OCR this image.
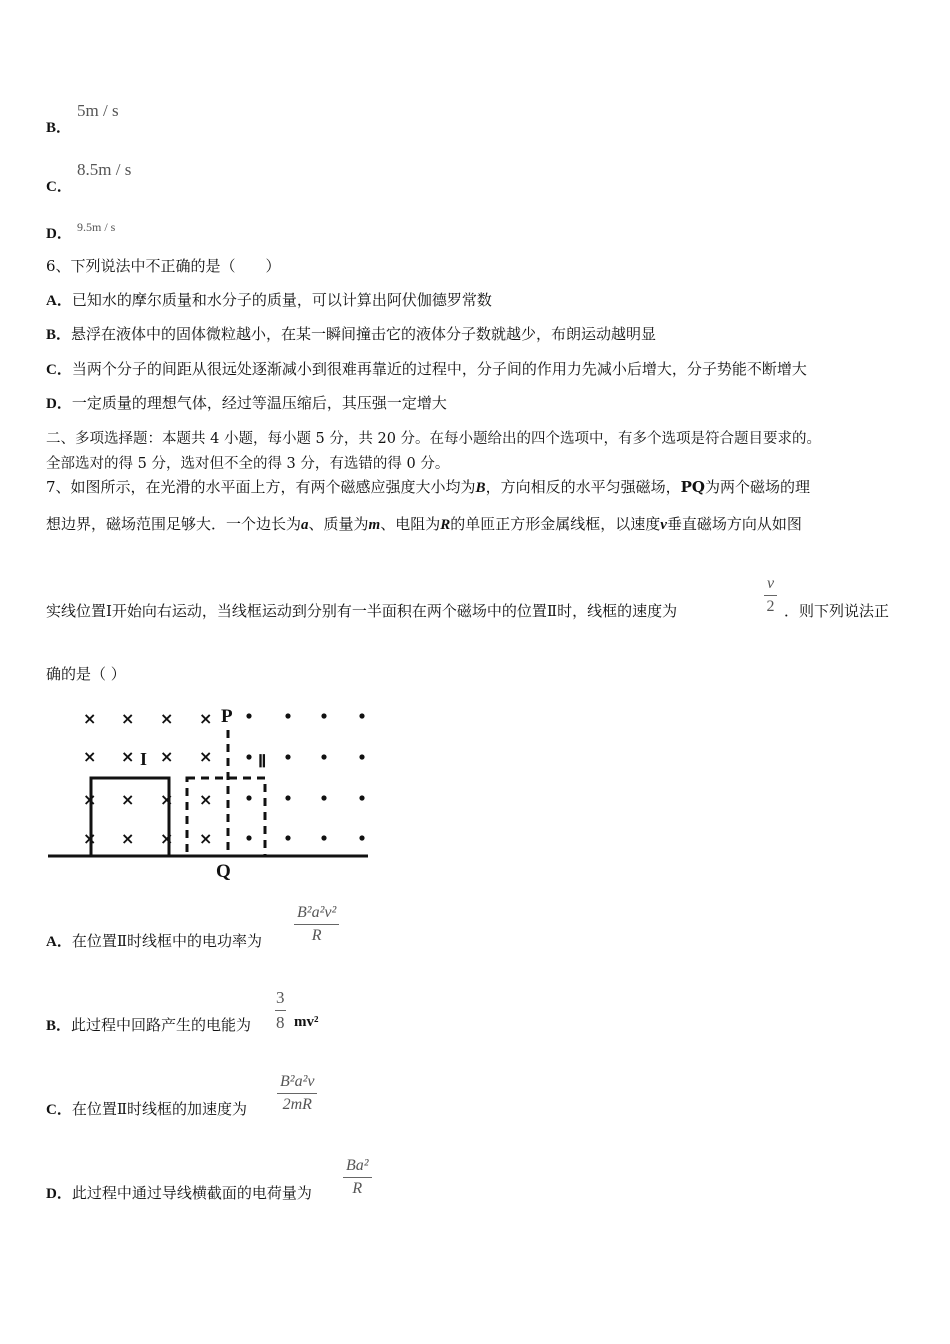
B．
5m / s
C．
8.5m / s
D． 9.5m / s
6、下列说法中不正确的是（　　）
A．已知水的摩尔质量和水分子的质量，可以计算出阿伏伽德罗常数
B．悬浮在液体中的固体微粒越小，在某一瞬间撞击它的液体分子数就越少，布朗运动越明显
C．当两个分子的间距从很远处逐渐减小到很难再靠近的过程中，分子间的作用力先减小后增大，分子势能不断增大
D．一定质量的理想气体，经过等温压缩后，其压强一定增大
二、多项选择题：本题共 4 小题，每小题 5 分，共 20 分。在每小题给出的四个选项中，有多个选项是符合题目要求的。
全部选对的得 5 分，选对但不全的得 3 分，有选错的得 0 分。
7、如图所示，在光滑的水平面上方，有两个磁感应强度大小均为B，方向相反的水平匀强磁场，PQ为两个磁场的理
想边界，磁场范围足够大．一个边长为a、质量为m、电阻为R的单匝正方形金属线框，以速度v垂直磁场方向从如图
实线位置Ⅰ开始向右运动，当线框运动到分别有一半面积在两个磁场中的位置Ⅱ时，线框的速度为	$\frac{v}{2}$ ．则下列说法正
确的是（ ）
× × × ×
× × × ×
× × × ×
× × × ×
P
Q
I	Ⅱ
A．在位置Ⅱ时线框中的电功率为 $\frac{\text{B²a²v²}}{R}$
B．此过程中回路产生的电能为 $\frac{3}{8} mv^2$
C．在位置Ⅱ时线框的加速度为 $\frac{\text{B²a²v}}{2mR}$
D．此过程中通过导线横截面的电荷量为 $\frac{\text{Ba²}}{R}$
